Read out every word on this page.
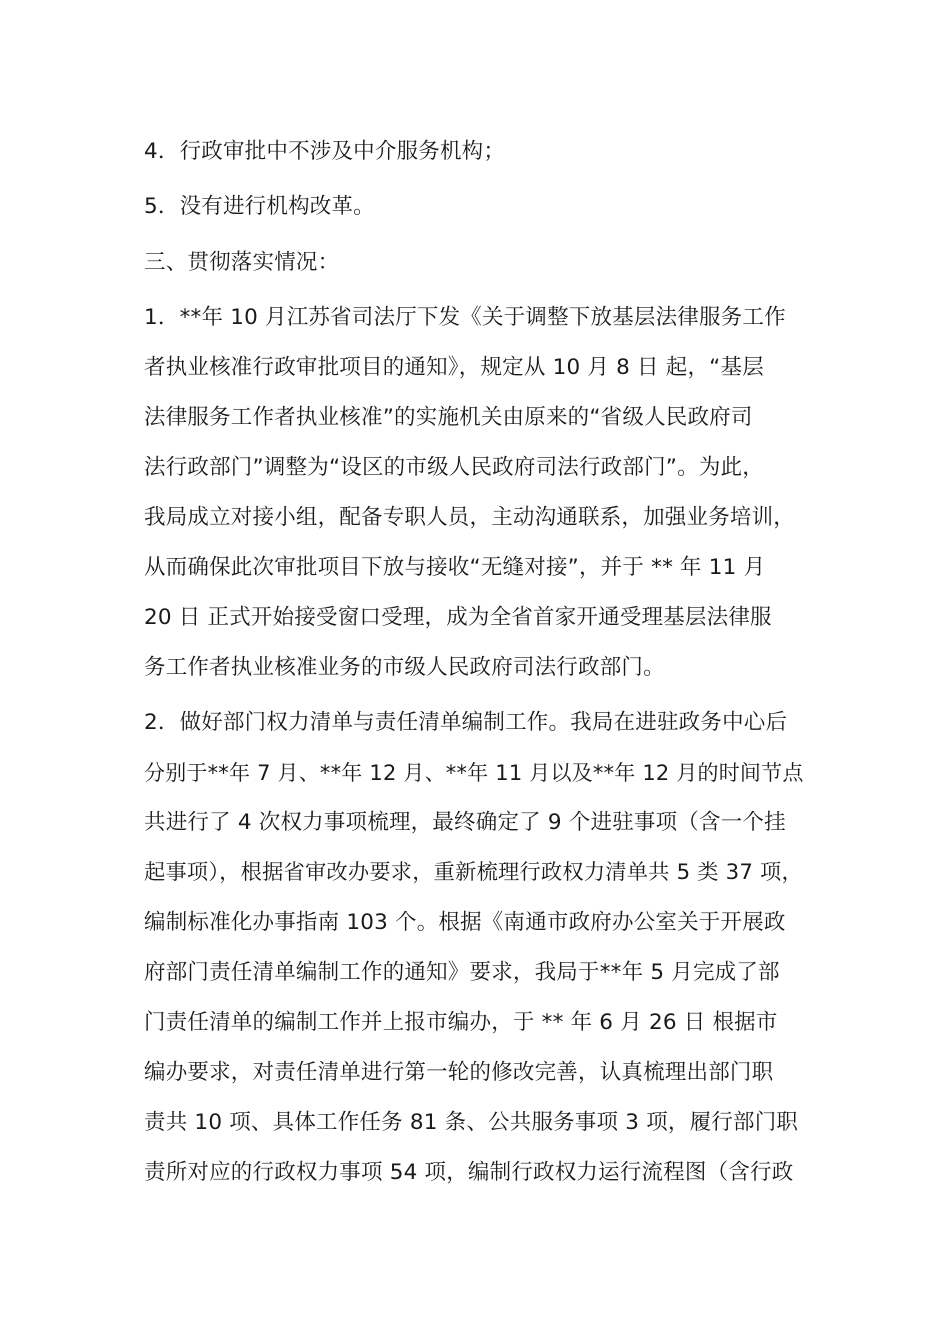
4．行政审批中不涉及中介服务机构；
5．没有进行机构改革。
三、贯彻落实情况：
1．**年 10 月江苏省司法厅下发《关于调整下放基层法律服务工作
者执业核准行政审批项目的通知》，规定从 10 月 8 日 起，“基层
法律服务工作者执业核准”的实施机关由原来的“省级人民政府司
法行政部门”调整为“设区的市级人民政府司法行政部门”。为此，
我局成立对接小组，配备专职人员，主动沟通联系，加强业务培训，
从而确保此次审批项目下放与接收“无缝对接”，并于 ** 年 11 月
20 日 正式开始接受窗口受理，成为全省首家开通受理基层法律服
务工作者执业核准业务的市级人民政府司法行政部门。
2．做好部门权力清单与责任清单编制工作。我局在进驻政务中心后
分别于**年 7 月、**年 12 月、**年 11 月以及**年 12 月的时间节点
共进行了 4 次权力事项梳理，最终确定了 9 个进驻事项（含一个挂
起事项），根据省审改办要求，重新梳理行政权力清单共 5 类 37 项，
编制标准化办事指南 103 个。根据《南通市政府办公室关于开展政
府部门责任清单编制工作的通知》要求，我局于**年 5 月完成了部
门责任清单的编制工作并上报市编办，于 ** 年 6 月 26 日 根据市
编办要求，对责任清单进行第一轮的修改完善，认真梳理出部门职
责共 10 项、具体工作任务 81 条、公共服务事项 3 项，履行部门职
责所对应的行政权力事项 54 项，编制行政权力运行流程图（含行政
